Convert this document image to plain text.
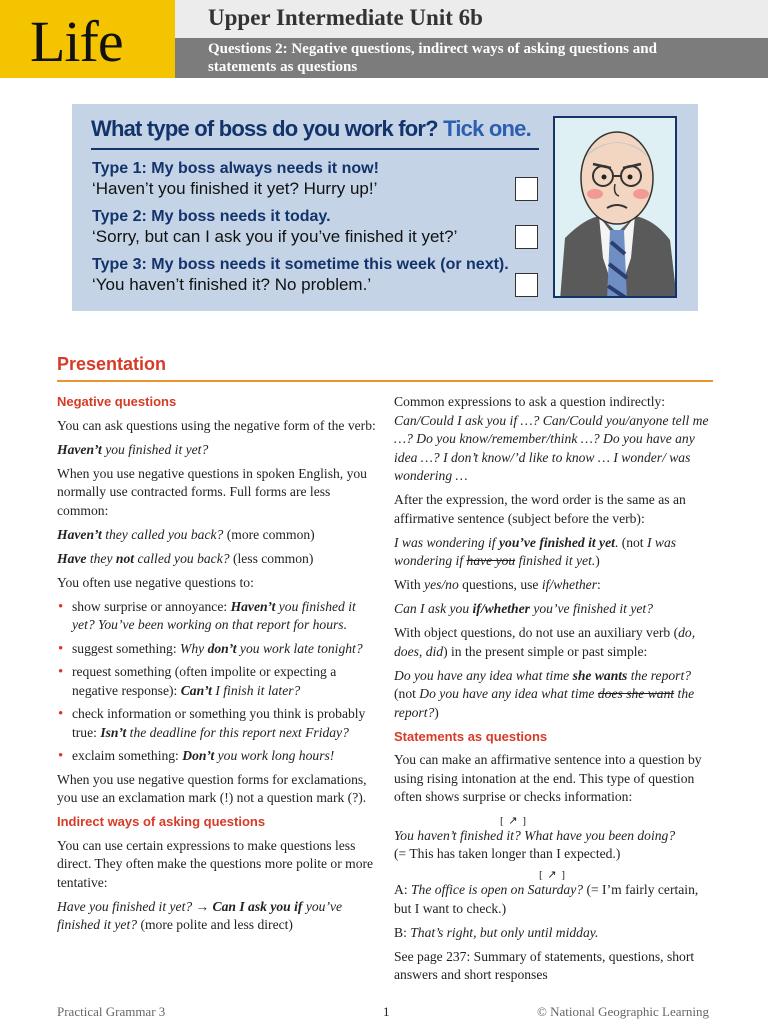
Life	Upper Intermediate Unit 6b
Questions 2: Negative questions, indirect ways of asking questions and statements as questions
What type of boss do you work for? Tick one.
Type 1: My boss always needs it now!
‘Haven’t you finished it yet? Hurry up!’
Type 2: My boss needs it today.
‘Sorry, but can I ask you if you’ve finished it yet?’
Type 3: My boss needs it sometime this week (or next).
‘You haven’t finished it? No problem.’
Presentation
Negative questions

You can ask questions using the negative form of the verb:

Haven’t you finished it yet?

When you use negative questions in spoken English, you normally use contracted forms. Full forms are less common:

Haven’t they called you back? (more common)

Have they not called you back? (less common)

You often use negative questions to:

• show surprise or annoyance: Haven’t you finished it yet? You’ve been working on that report for hours.
• suggest something: Why don’t you work late tonight?
• request something (often impolite or expecting a negative response): Can’t I finish it later?
• check information or something you think is probably true: Isn’t the deadline for this report next Friday?
• exclaim something: Don’t you work long hours!

When you use negative question forms for exclamations, you use an exclamation mark (!) not a question mark (?).

Indirect ways of asking questions

You can use certain expressions to make questions less direct. They often make the questions more polite or more tentative:

Have you finished it yet? → Can I ask you if you’ve finished it yet? (more polite and less direct)

Common expressions to ask a question indirectly:
Can/Could I ask you if …? Can/Could you/anyone tell me …? Do you know/remember/think …? Do you have any idea …? I don’t know/’d like to know … I wonder/ was wondering …

After the expression, the word order is the same as an affirmative sentence (subject before the verb):

I was wondering if you’ve finished it yet. (not I was wondering if have you finished it yet.)

With yes/no questions, use if/whether:

Can I ask you if/whether you’ve finished it yet?

With object questions, do not use an auxiliary verb (do, does, did) in the present simple or past simple:

Do you have any idea what time she wants the report? (not Do you have any idea what time does she want the report?)

Statements as questions

You can make an affirmative sentence into a question by using rising intonation at the end. This type of question often shows surprise or checks information:

[ ↗ ]

You haven’t finished it? What have you been doing?

(= This has taken longer than I expected.)

[ ↗ ]

A: The office is open on Saturday? (= I’m fairly certain, but I want to check.)

B: That’s right, but only until midday.

See page 237: Summary of statements, questions, short answers and short responses

Practical Grammar 3	1	© National Geographic Learning
